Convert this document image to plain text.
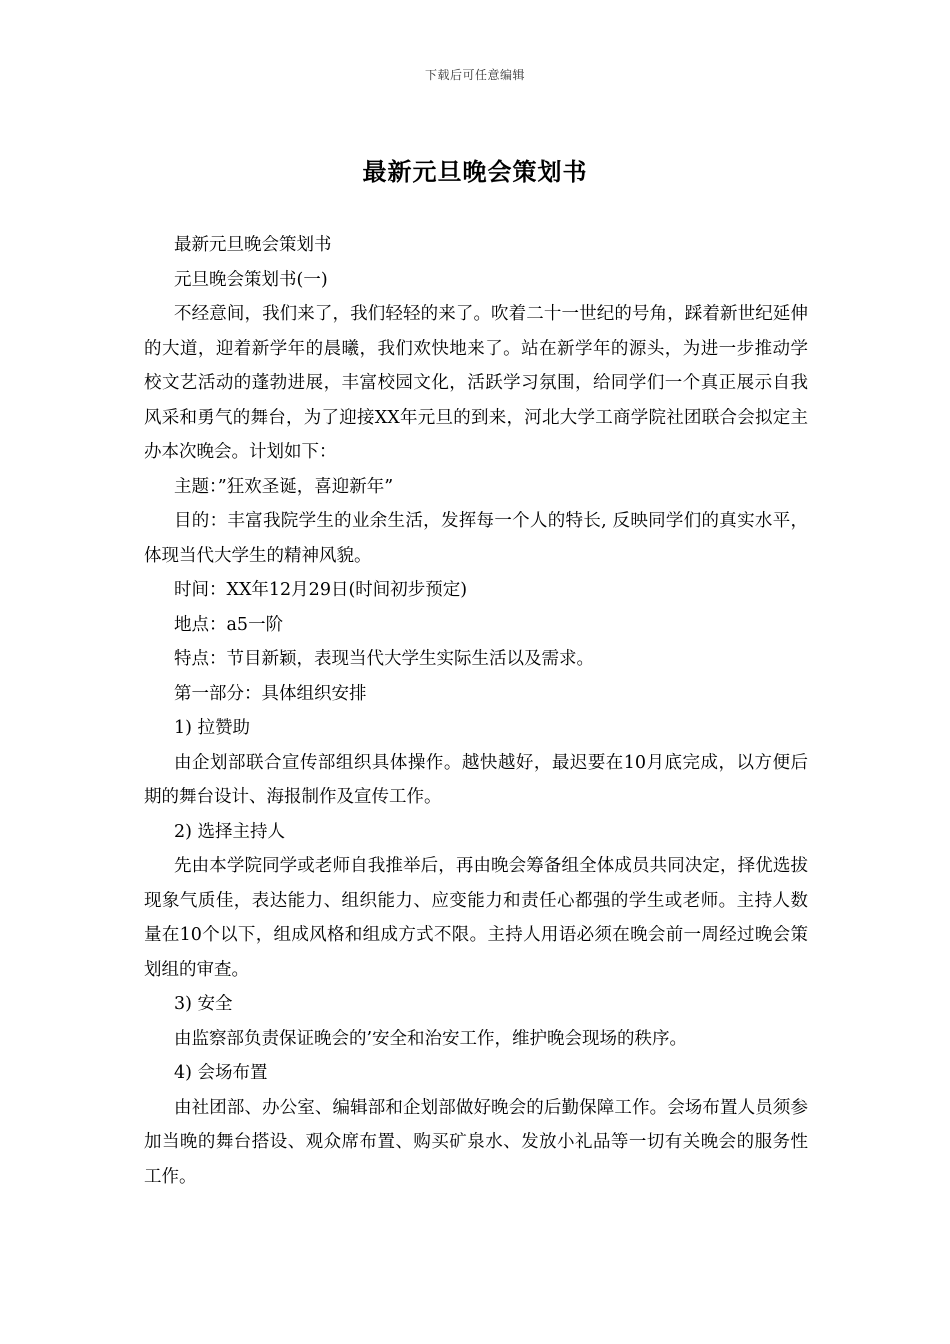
下载后可任意编辑
最新元旦晚会策划书

最新元旦晚会策划书

元旦晚会策划书(一)

不经意间，我们来了，我们轻轻的来了。吹着二十一世纪的号角，踩着新世纪延伸的大道，迎着新学年的晨曦，我们欢快地来了。站在新学年的源头，为进一步推动学校文艺活动的蓬勃进展，丰富校园文化，活跃学习氛围，给同学们一个真正展示自我风采和勇气的舞台，为了迎接XX年元旦的到来，河北大学工商学院社团联合会拟定主办本次晚会。计划如下：

主题：”狂欢圣诞，喜迎新年”

目的：丰富我院学生的业余生活，发挥每一个人的特长, 反映同学们的真实水平，体现当代大学生的精神风貌。

时间：XX年12月29日(时间初步预定)

地点：a5一阶

特点：节目新颖，表现当代大学生实际生活以及需求。

第一部分：具体组织安排

1) 拉赞助

由企划部联合宣传部组织具体操作。越快越好，最迟要在10月底完成，以方便后期的舞台设计、海报制作及宣传工作。

2) 选择主持人

先由本学院同学或老师自我推举后，再由晚会筹备组全体成员共同决定，择优选拔现象气质佳，表达能力、组织能力、应变能力和责任心都强的学生或老师。主持人数量在10个以下，组成风格和组成方式不限。主持人用语必须在晚会前一周经过晚会策划组的审查。

3) 安全

由监察部负责保证晚会的’安全和治安工作，维护晚会现场的秩序。

4) 会场布置

由社团部、办公室、编辑部和企划部做好晚会的后勤保障工作。会场布置人员须参加当晚的舞台搭设、观众席布置、购买矿泉水、发放小礼品等一切有关晚会的服务性工作。
